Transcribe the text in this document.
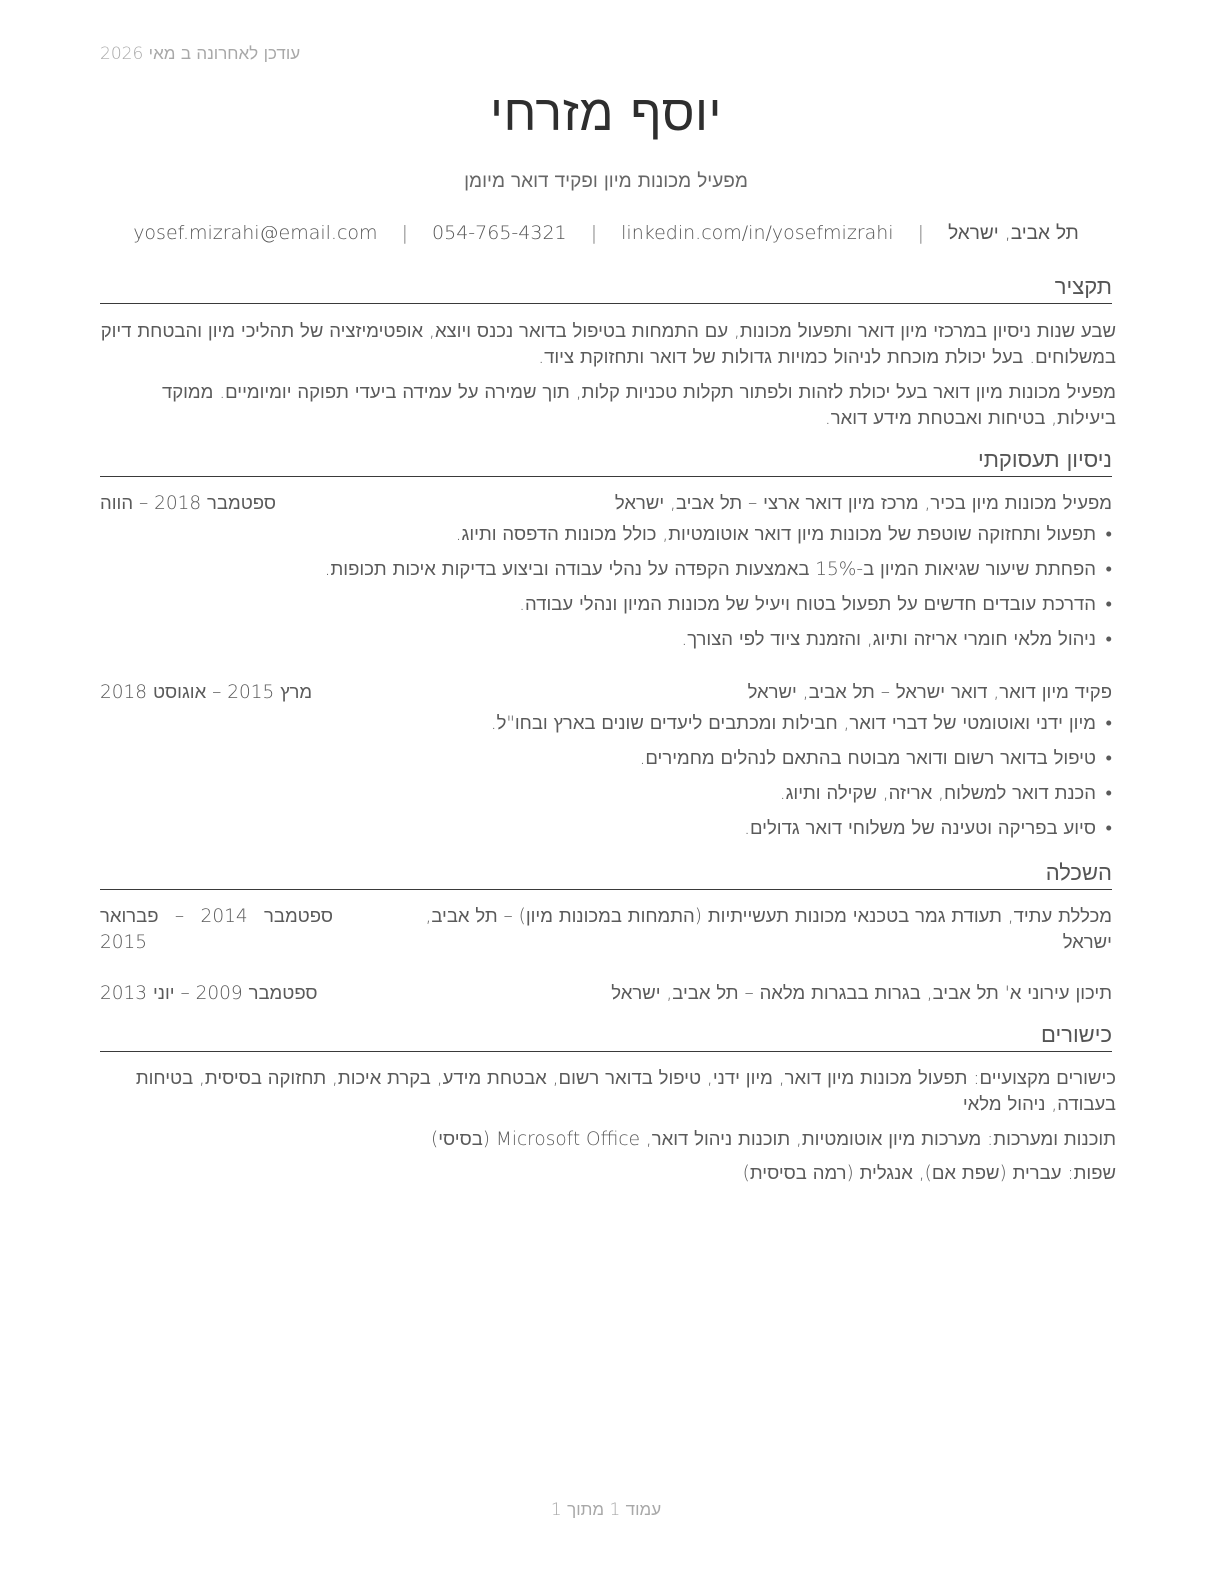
עודכן לאחרונה ב מאי 2026
יוסף מזרחי
מפעיל מכונות מיון ופקיד דואר מיומן
תל אביב, ישראל | yosef.mizrahi@email.com | 054-765-4321 | linkedin.com/in/yosefmizrahi
תקציר
שבע שנות ניסיון במרכזי מיון דואר ותפעול מכונות, עם התמחות בטיפול בדואר נכנס ויוצא, אופטימיזציה של תהליכי מיון והבטחת דיוק במשלוחים. בעל יכולת מוכחת לניהול כמויות גדולות של דואר ותחזוקת ציוד.
מפעיל מכונות מיון דואר בעל יכולת לזהות ולפתור תקלות טכניות קלות, תוך שמירה על עמידה ביעדי תפוקה יומיומיים. ממוקד ביעילות, בטיחות ואבטחת מידע דואר.
ניסיון תעסוקתי
מפעיל מכונות מיון בכיר, מרכז מיון דואר ארצי – תל אביב, ישראל
ספטמבר 2018 – הווה
•
תפעול ותחזוקה שוטפת של מכונות מיון דואר אוטומטיות, כולל מכונות הדפסה ותיוג.
•
הפחתת שיעור שגיאות המיון ב-15% באמצעות הקפדה על נהלי עבודה וביצוע בדיקות איכות תכופות.
•
הדרכת עובדים חדשים על תפעול בטוח ויעיל של מכונות המיון ונהלי עבודה.
•
ניהול מלאי חומרי אריזה ותיוג, והזמנת ציוד לפי הצורך.
פקיד מיון דואר, דואר ישראל – תל אביב, ישראל
מרץ 2015 – אוגוסט 2018
•
מיון ידני ואוטומטי של דברי דואר, חבילות ומכתבים ליעדים שונים בארץ ובחו"ל.
•
טיפול בדואר רשום ודואר מבוטח בהתאם לנהלים מחמירים.
•
הכנת דואר למשלוח, אריזה, שקילה ותיוג.
•
סיוע בפריקה וטעינה של משלוחי דואר גדולים.
השכלה
מכללת עתיד, תעודת גמר בטכנאי מכונות תעשייתיות (התמחות במכונות מיון) – תל אביב, ישראל
ספטמבר 2014 – פברואר 2015
תיכון עירוני א' תל אביב, בגרות בבגרות מלאה – תל אביב, ישראל
ספטמבר 2009 – יוני 2013
כישורים
כישורים מקצועיים: תפעול מכונות מיון דואר, מיון ידני, טיפול בדואר רשום, אבטחת מידע, בקרת איכות, תחזוקה בסיסית, בטיחות בעבודה, ניהול מלאי
תוכנות ומערכות: מערכות מיון אוטומטיות, תוכנות ניהול דואר, Microsoft Office (בסיסי)
שפות: עברית (שפת אם), אנגלית (רמה בסיסית)
עמוד 1 מתוך 1
